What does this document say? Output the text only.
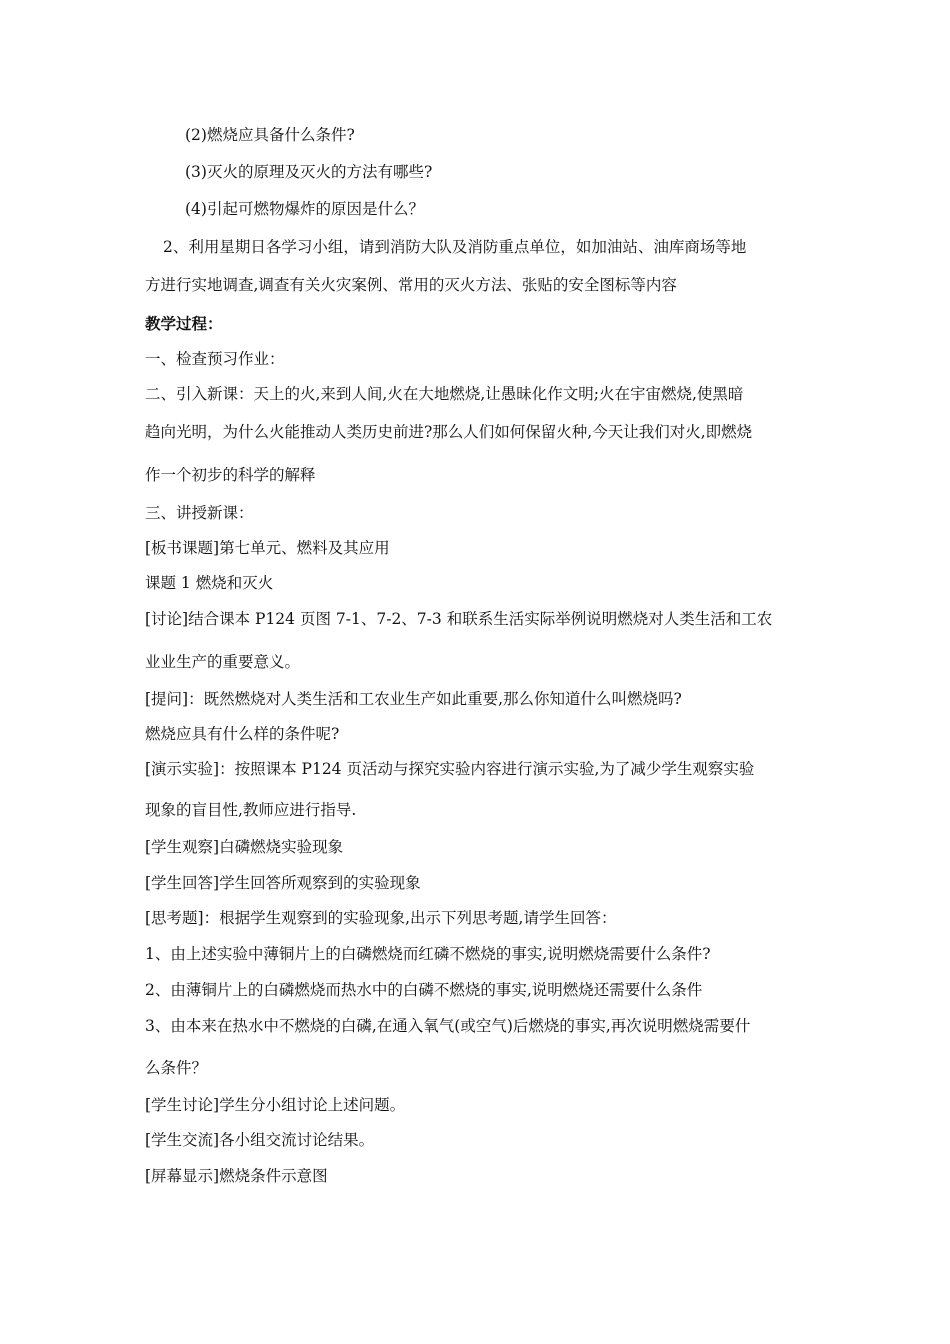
(2)燃烧应具备什么条件?
(3)灭火的原理及灭火的方法有哪些?
(4)引起可燃物爆炸的原因是什么？
2、利用星期日各学习小组，请到消防大队及消防重点单位，如加油站、油库商场等地
方进行实地调查,调查有关火灾案例、常用的灭火方法、张贴的安全图标等内容
教学过程：
一、检查预习作业：
二、引入新课：天上的火,来到人间,火在大地燃烧,让愚昧化作文明;火在宇宙燃烧,使黑暗
趋向光明，为什么火能推动人类历史前进?那么人们如何保留火种,今天让我们对火,即燃烧
作一个初步的科学的解释
三、讲授新课：
[板书课题]第七单元、燃料及其应用
课题 1 燃烧和灭火
[讨论]结合课本 P124 页图 7-1、7-2、7-3 和联系生活实际举例说明燃烧对人类生活和工农
业业生产的重要意义。
[提问]：既然燃烧对人类生活和工农业生产如此重要,那么你知道什么叫燃烧吗?
燃烧应具有什么样的条件呢?
[演示实验]：按照课本 P124 页活动与探究实验内容进行演示实验,为了减少学生观察实验
现象的盲目性,教师应进行指导.
[学生观察]白磷燃烧实验现象
[学生回答]学生回答所观察到的实验现象
[思考题]：根据学生观察到的实验现象,出示下列思考题,请学生回答：
1、由上述实验中薄铜片上的白磷燃烧而红磷不燃烧的事实,说明燃烧需要什么条件?
2、由薄铜片上的白磷燃烧而热水中的白磷不燃烧的事实,说明燃烧还需要什么条件
3、由本来在热水中不燃烧的白磷,在通入氧气(或空气)后燃烧的事实,再次说明燃烧需要什
么条件？
[学生讨论]学生分小组讨论上述问题。
[学生交流]各小组交流讨论结果。
[屏幕显示]燃烧条件示意图
